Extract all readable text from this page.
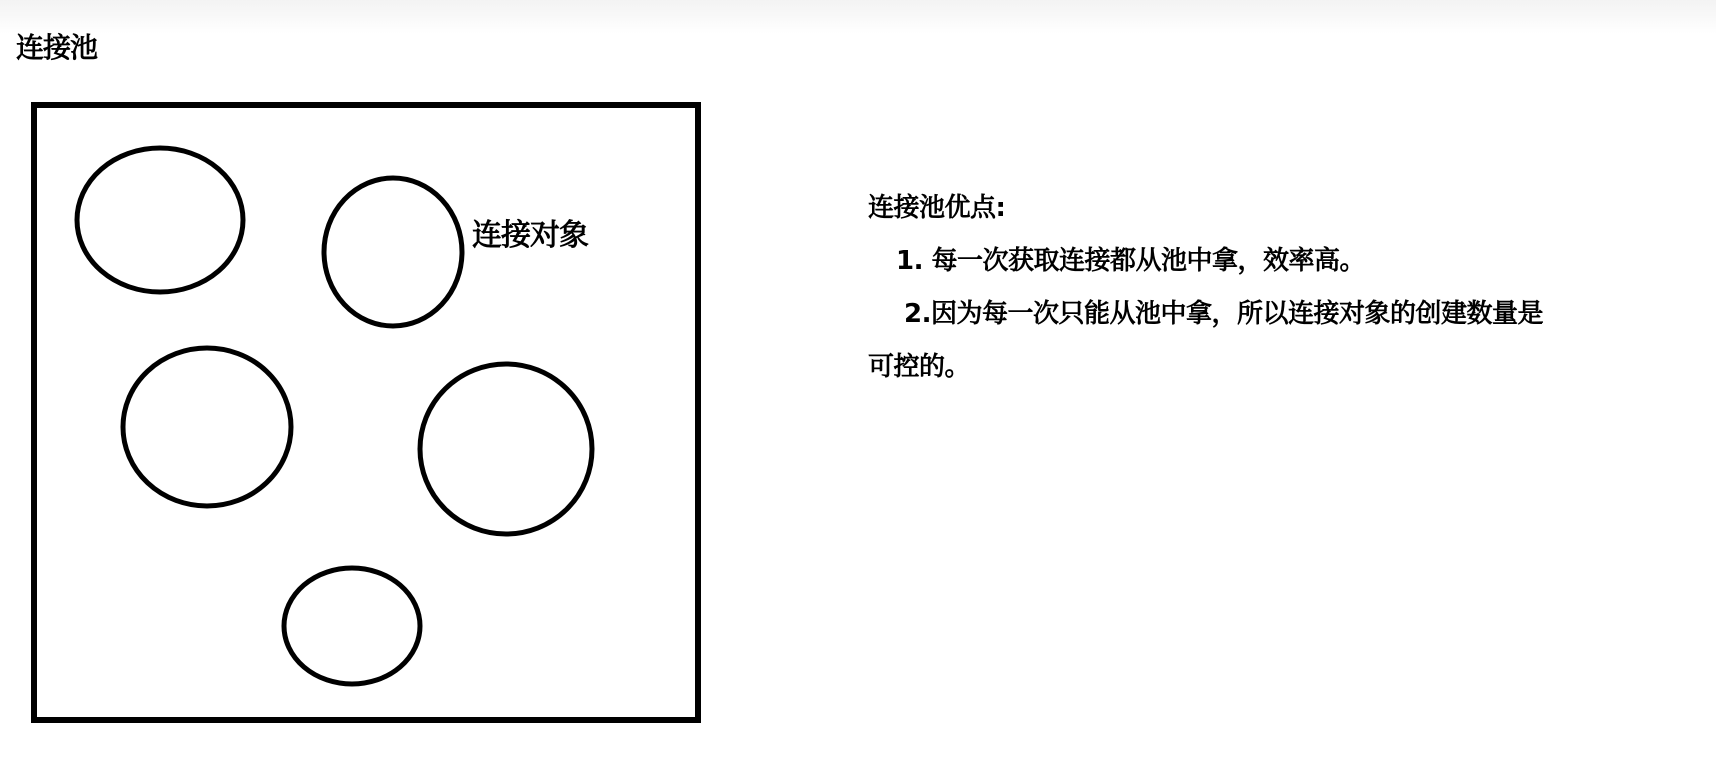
连接池
连接对象
连接池优点:
1. 每一次获取连接都从池中拿，效率高。
2.因为每一次只能从池中拿，所以连接对象的创建数量是
可控的。
